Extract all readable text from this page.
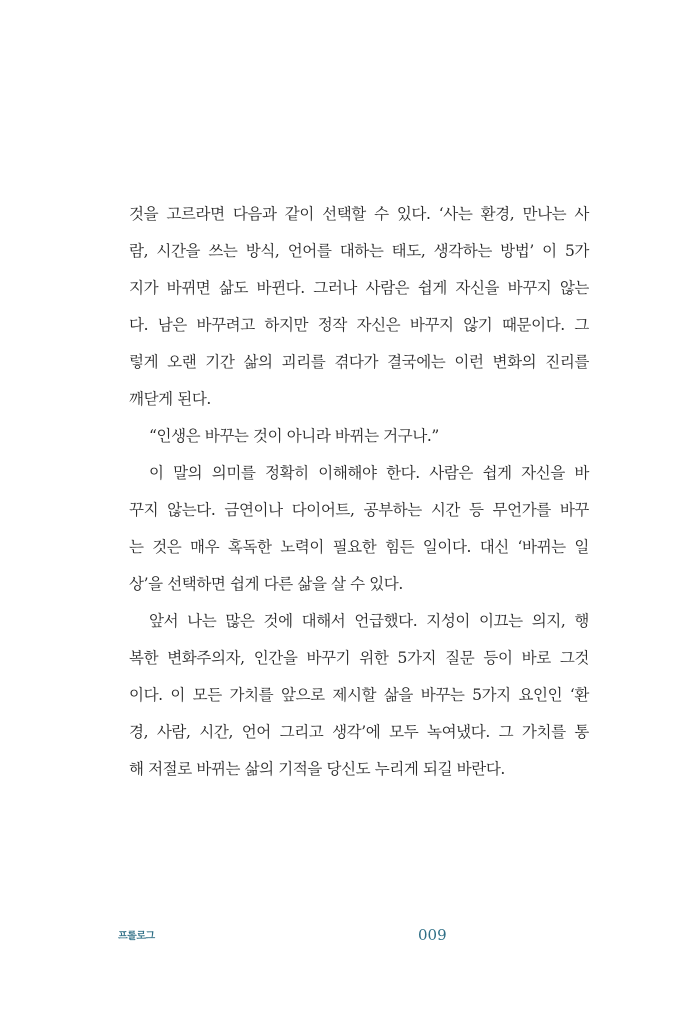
것을 고르라면 다음과 같이 선택할 수 있다. ‘사는 환경, 만나는 사
람, 시간을 쓰는 방식, 언어를 대하는 태도, 생각하는 방법’ 이 5가
지가 바뀌면 삶도 바뀐다. 그러나 사람은 쉽게 자신을 바꾸지 않는
다. 남은 바꾸려고 하지만 정작 자신은 바꾸지 않기 때문이다. 그
렇게 오랜 기간 삶의 괴리를 겪다가 결국에는 이런 변화의 진리를
깨닫게 된다.
“인생은 바꾸는 것이 아니라 바뀌는 거구나.”
이 말의 의미를 정확히 이해해야 한다. 사람은 쉽게 자신을 바
꾸지 않는다. 금연이나 다이어트, 공부하는 시간 등 무언가를 바꾸
는 것은 매우 혹독한 노력이 필요한 힘든 일이다. 대신 ‘바뀌는 일
상’을 선택하면 쉽게 다른 삶을 살 수 있다.
앞서 나는 많은 것에 대해서 언급했다. 지성이 이끄는 의지, 행
복한 변화주의자, 인간을 바꾸기 위한 5가지 질문 등이 바로 그것
이다. 이 모든 가치를 앞으로 제시할 삶을 바꾸는 5가지 요인인 ‘환
경, 사람, 시간, 언어 그리고 생각’에 모두 녹여냈다. 그 가치를 통
해 저절로 바뀌는 삶의 기적을 당신도 누리게 되길 바란다.
프롤로그	009
